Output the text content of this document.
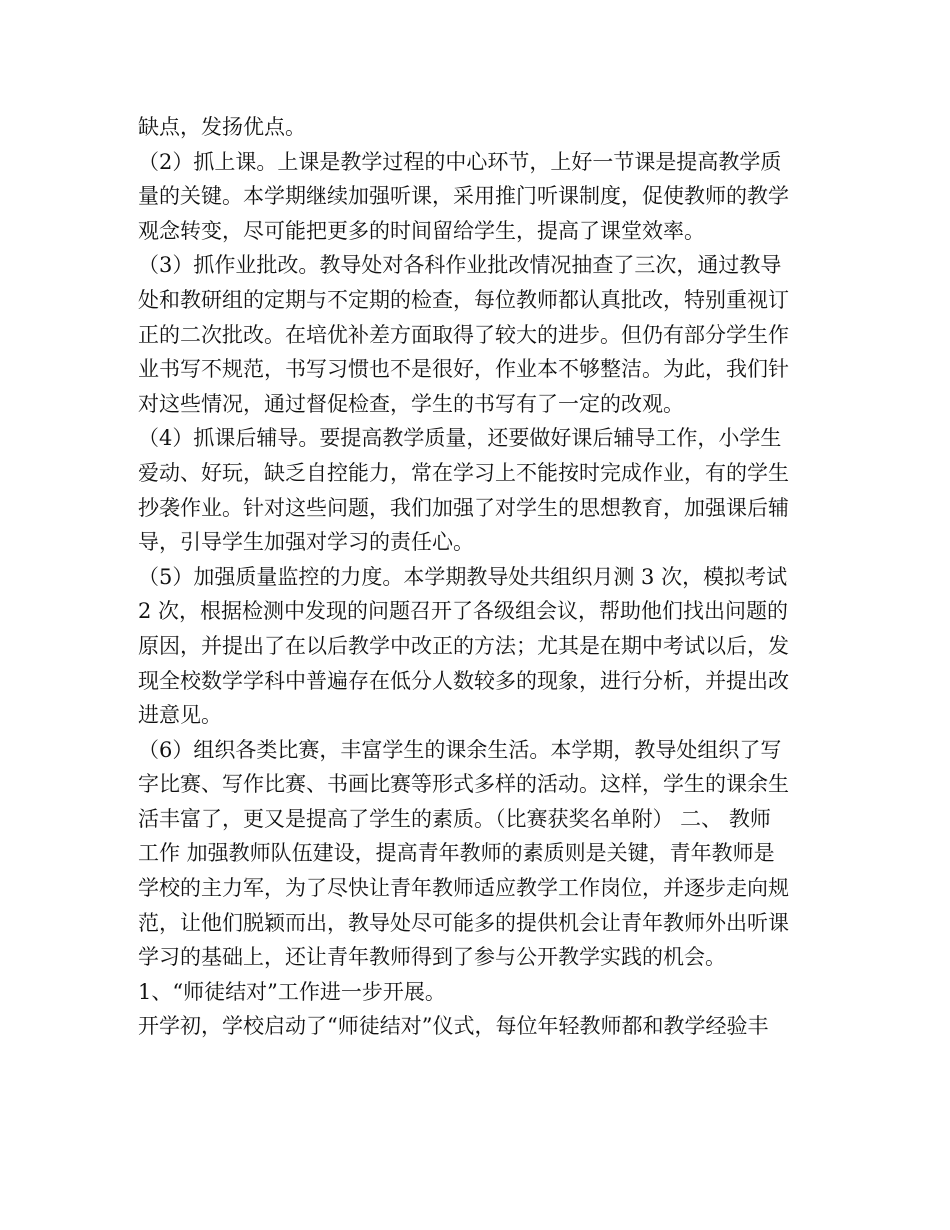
缺点，发扬优点。
（2）抓上课。上课是教学过程的中心环节，上好一节课是提高教学质
量的关键。本学期继续加强听课，采用推门听课制度，促使教师的教学
观念转变，尽可能把更多的时间留给学生，提高了课堂效率。
（3）抓作业批改。教导处对各科作业批改情况抽查了三次，通过教导
处和教研组的定期与不定期的检查，每位教师都认真批改，特别重视订
正的二次批改。在培优补差方面取得了较大的进步。但仍有部分学生作
业书写不规范，书写习惯也不是很好，作业本不够整洁。为此，我们针
对这些情况，通过督促检查，学生的书写有了一定的改观。
（4）抓课后辅导。要提高教学质量，还要做好课后辅导工作，小学生
爱动、好玩，缺乏自控能力，常在学习上不能按时完成作业，有的学生
抄袭作业。针对这些问题，我们加强了对学生的思想教育，加强课后辅
导，引导学生加强对学习的责任心。
（5）加强质量监控的力度。本学期教导处共组织月测 3 次，模拟考试
2 次，根据检测中发现的问题召开了各级组会议，帮助他们找出问题的
原因，并提出了在以后教学中改正的方法；尤其是在期中考试以后，发
现全校数学学科中普遍存在低分人数较多的现象，进行分析，并提出改
进意见。
（6）组织各类比赛，丰富学生的课余生活。本学期，教导处组织了写
字比赛、写作比赛、书画比赛等形式多样的活动。这样，学生的课余生
活丰富了，更又是提高了学生的素质。（比赛获奖名单附） 二、 教师
工作 加强教师队伍建设，提高青年教师的素质则是关键，青年教师是
学校的主力军，为了尽快让青年教师适应教学工作岗位，并逐步走向规
范，让他们脱颖而出，教导处尽可能多的提供机会让青年教师外出听课
学习的基础上，还让青年教师得到了参与公开教学实践的机会。
1、“师徒结对”工作进一步开展。
开学初，学校启动了“师徒结对”仪式，每位年轻教师都和教学经验丰
